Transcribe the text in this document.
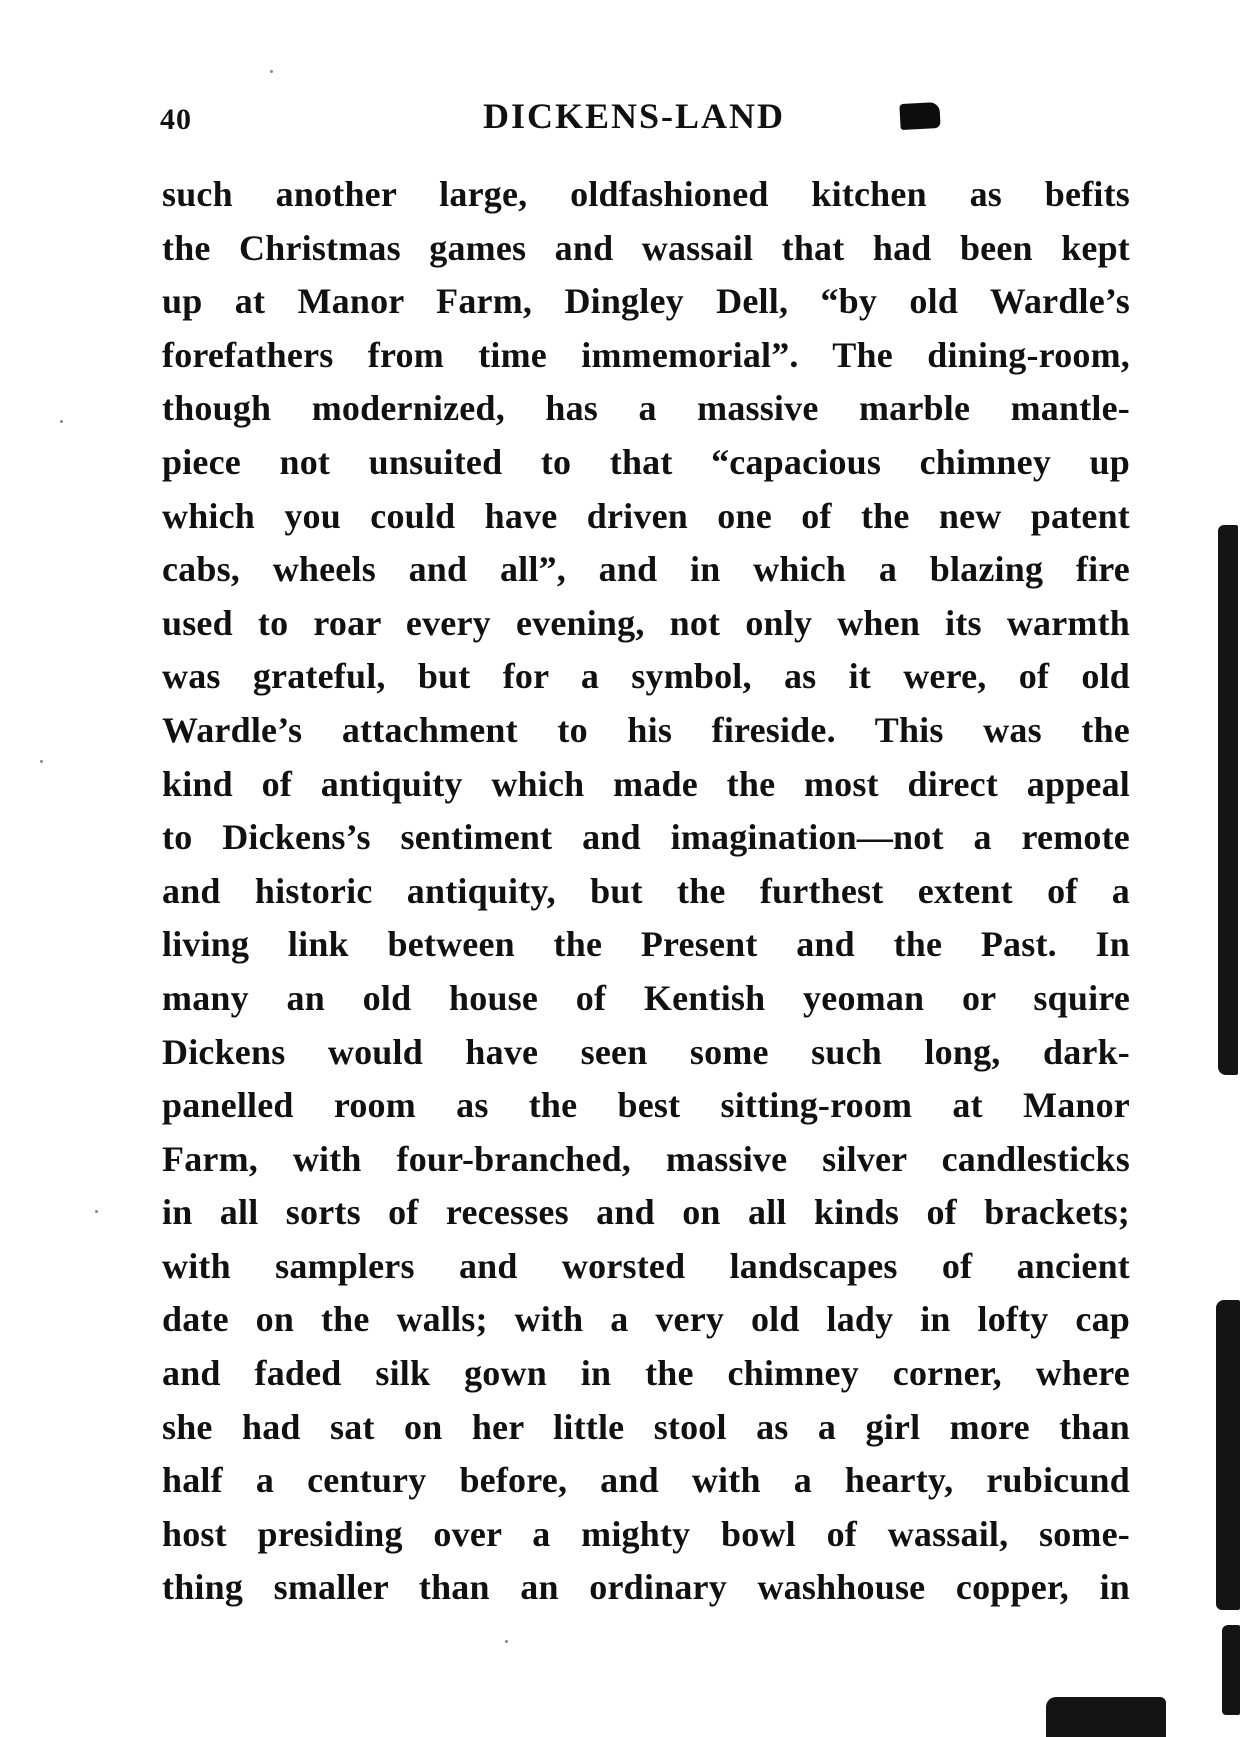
40	DICKENS-LAND
such another large, oldfashioned kitchen as befits
the Christmas games and wassail that had been kept
up at Manor Farm, Dingley Dell, “by old Wardle’s
forefathers from time immemorial”. The dining-room,
though modernized, has a massive marble mantle-
piece not unsuited to that “capacious chimney up
which you could have driven one of the new patent
cabs, wheels and all”, and in which a blazing fire
used to roar every evening, not only when its warmth
was grateful, but for a symbol, as it were, of old
Wardle’s attachment to his fireside. This was the
kind of antiquity which made the most direct appeal
to Dickens’s sentiment and imagination—not a remote
and historic antiquity, but the furthest extent of a
living link between the Present and the Past. In
many an old house of Kentish yeoman or squire
Dickens would have seen some such long, dark-
panelled room as the best sitting-room at Manor
Farm, with four-branched, massive silver candlesticks
in all sorts of recesses and on all kinds of brackets;
with samplers and worsted landscapes of ancient
date on the walls; with a very old lady in lofty cap
and faded silk gown in the chimney corner, where
she had sat on her little stool as a girl more than
half a century before, and with a hearty, rubicund
host presiding over a mighty bowl of wassail, some-
thing smaller than an ordinary washhouse copper, in
